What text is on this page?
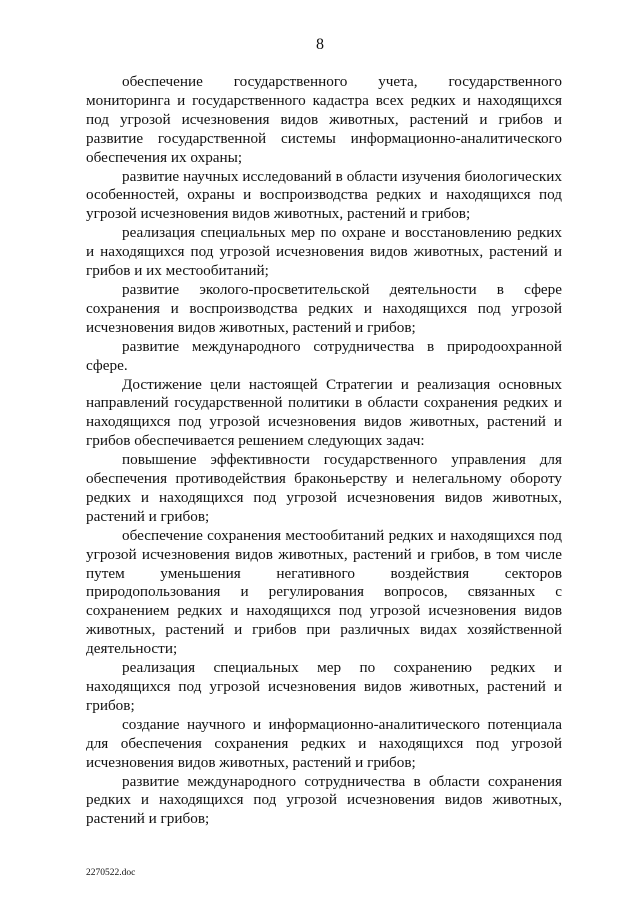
8

обеспечение государственного учета, государственного мониторинга и государственного кадастра всех редких и находящихся под угрозой исчезновения видов животных, растений и грибов и развитие государственной системы информационно-аналитического обеспечения их охраны;

развитие научных исследований в области изучения биологических особенностей, охраны и воспроизводства редких и находящихся под угрозой исчезновения видов животных, растений и грибов;

реализация специальных мер по охране и восстановлению редких и находящихся под угрозой исчезновения видов животных, растений и грибов и их местообитаний;

развитие эколого-просветительской деятельности в сфере сохранения и воспроизводства редких и находящихся под угрозой исчезновения видов животных, растений и грибов;

развитие международного сотрудничества в природоохранной сфере.

Достижение цели настоящей Стратегии и реализация основных направлений государственной политики в области сохранения редких и находящихся под угрозой исчезновения видов животных, растений и грибов обеспечивается решением следующих задач:

повышение эффективности государственного управления для обеспечения противодействия браконьерству и нелегальному обороту редких и находящихся под угрозой исчезновения видов животных, растений и грибов;

обеспечение сохранения местообитаний редких и находящихся под угрозой исчезновения видов животных, растений и грибов, в том числе путем уменьшения негативного воздействия секторов природопользования и регулирования вопросов, связанных с сохранением редких и находящихся под угрозой исчезновения видов животных, растений и грибов при различных видах хозяйственной деятельности;

реализация специальных мер по сохранению редких и находящихся под угрозой исчезновения видов животных, растений и грибов;

создание научного и информационно-аналитического потенциала для обеспечения сохранения редких и находящихся под угрозой исчезновения видов животных, растений и грибов;

развитие международного сотрудничества в области сохранения редких и находящихся под угрозой исчезновения видов животных, растений и грибов;

2270522.doc
